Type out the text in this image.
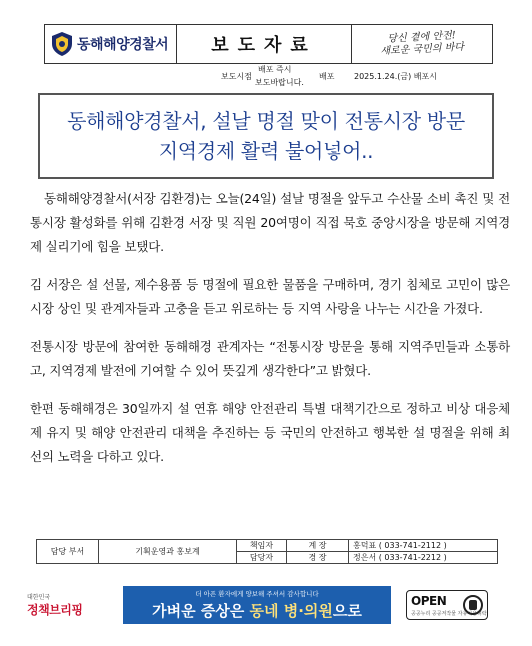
동해해양경찰서	보도자료	당신 곁에 안전!
새로운 국민의 바다
보도시점
배포 즉시
보도바랍니다.
배포 2025.1.24.(금) 배포시
동해해양경찰서, 설날 명절 맞이 전통시장 방문
지역경제 활력 불어넣어..

동해해양경찰서(서장 김환경)는 오늘(24일) 설날 명절을 앞두고 수산물 소비 촉진 및 전통시장 활성화를 위해 김환경 서장 및 직원 20여명이 직접 묵호 중앙시장을 방문해 지역경제 실리기에 힘을 보탰다.

김 서장은 설 선물, 제수용품 등 명절에 필요한 물품을 구매하며, 경기 침체로 고민이 많은 시장 상인 및 관계자들과 고충을 듣고 위로하는 등 지역 사랑을 나누는 시간을 가졌다.

전통시장 방문에 참여한 동해해경 관계자는 “전통시장 방문을 통해 지역주민들과 소통하고, 지역경제 발전에 기여할 수 있어 뜻깊게 생각한다”고 밝혔다.

한편 동해해경은 30일까지 설 연휴 해양 안전관리 특별 대책기간으로 정하고 비상 대응체제 유지 및 해양 안전관리 대책을 추진하는 등 국민의 안전하고 행복한 설 명절을 위해 최선의 노력을 다하고 있다.

담당 부서	기획운영과 홍보계	책임자	계 장	홍덕표 ( 033-741-2112 )
		담당자	경 장	정은서 ( 033-741-2212 )
대한민국
정책브리핑
더 아픈 환자에게 양보해 주셔서 감사합니다
가벼운 증상은 동네 병·의원으로
OPEN
공공누리 공공저작물 자유이용허락
